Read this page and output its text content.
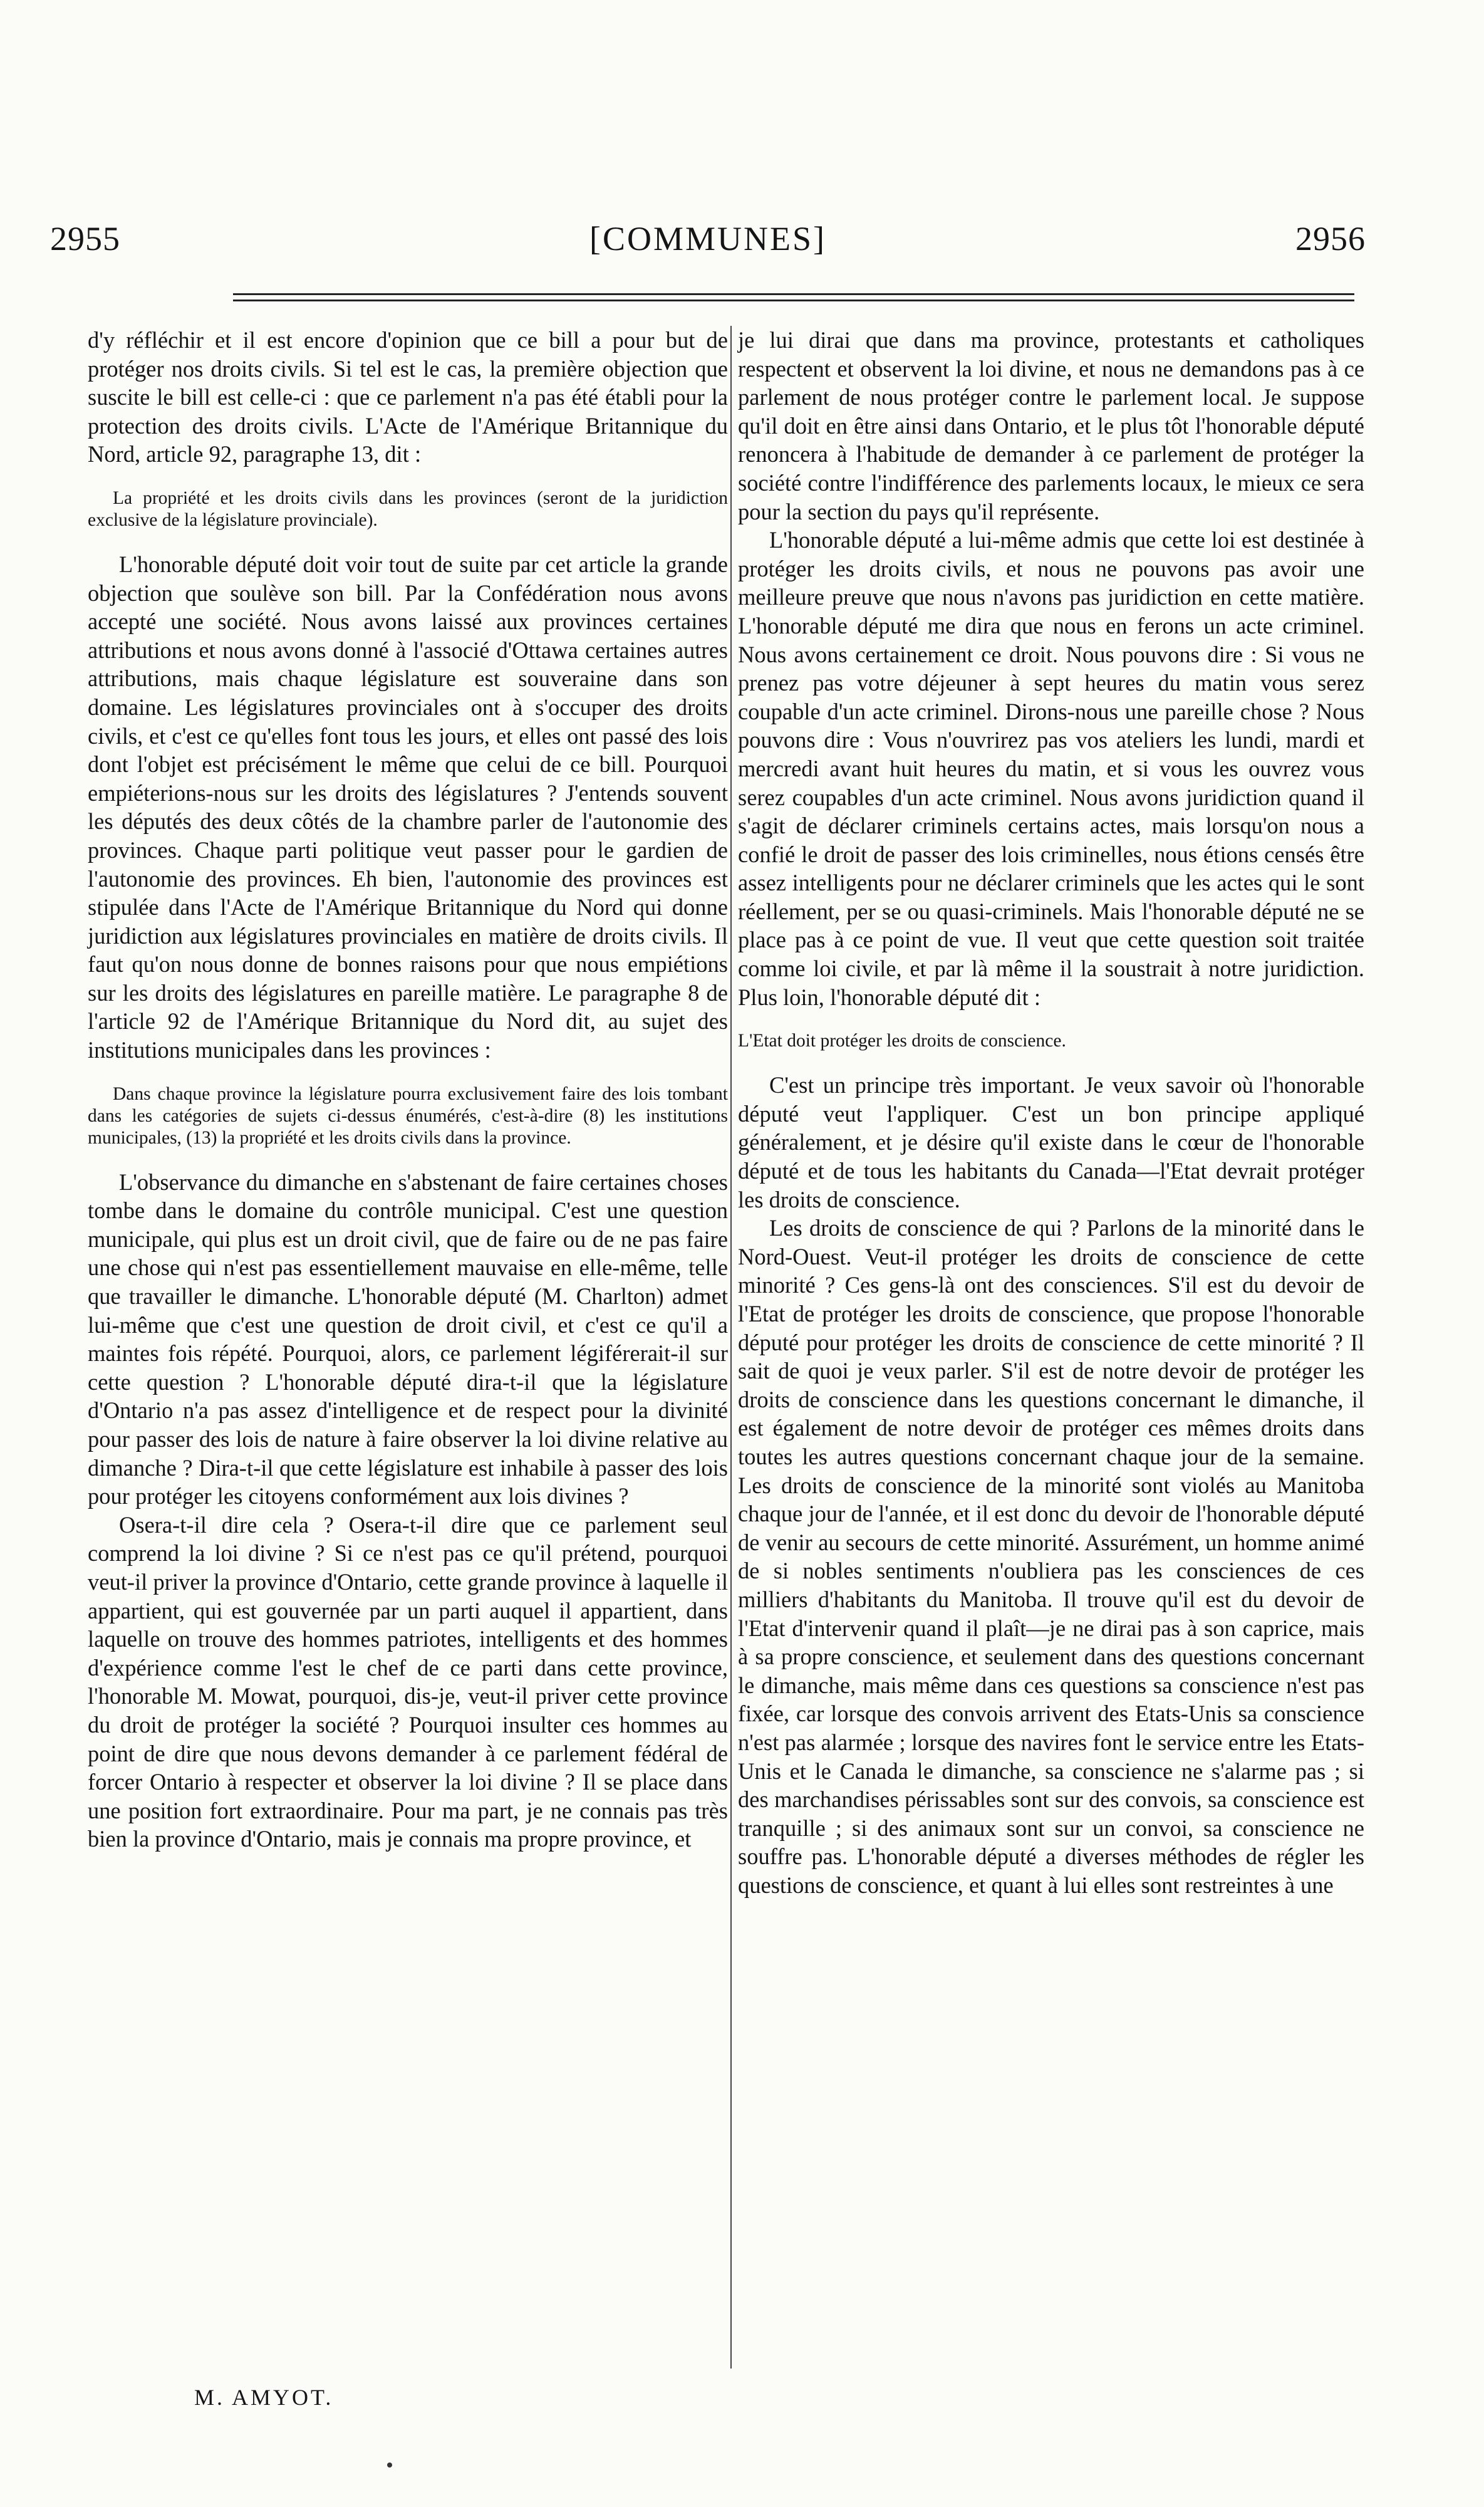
2955	[COMMUNES]	2956

d'y réfléchir et il est encore d'opinion que ce bill a pour but de protéger nos droits civils. Si tel est le cas, la première objection que suscite le bill est celle-ci : que ce parlement n'a pas été établi pour la protection des droits civils. L'Acte de l'Amérique Britannique du Nord, article 92, paragraphe 13, dit :

La propriété et les droits civils dans les provinces (seront de la juridiction exclusive de la législature provinciale).

L'honorable député doit voir tout de suite par cet article la grande objection que soulève son bill. Par la Confédération nous avons accepté une société. Nous avons laissé aux provinces certaines attributions et nous avons donné à l'associé d'Ottawa certaines autres attributions, mais chaque législature est souveraine dans son domaine. Les législatures provinciales ont à s'occuper des droits civils, et c'est ce qu'elles font tous les jours, et elles ont passé des lois dont l'objet est précisément le même que celui de ce bill. Pourquoi empiéterions-nous sur les droits des législatures ? J'entends souvent les députés des deux côtés de la chambre parler de l'autonomie des provinces. Chaque parti politique veut passer pour le gardien de l'autonomie des provinces. Eh bien, l'autonomie des provinces est stipulée dans l'Acte de l'Amérique Britannique du Nord qui donne juridiction aux législatures provinciales en matière de droits civils. Il faut qu'on nous donne de bonnes raisons pour que nous empiétions sur les droits des législatures en pareille matière. Le paragraphe 8 de l'article 92 de l'Amérique Britannique du Nord dit, au sujet des institutions municipales dans les provinces :

Dans chaque province la législature pourra exclusivement faire des lois tombant dans les catégories de sujets ci-dessus énumérés, c'est-à-dire (8) les institutions municipales, (13) la propriété et les droits civils dans la province.

L'observance du dimanche en s'abstenant de faire certaines choses tombe dans le domaine du contrôle municipal. C'est une question municipale, qui plus est un droit civil, que de faire ou de ne pas faire une chose qui n'est pas essentiellement mauvaise en elle-même, telle que travailler le dimanche. L'honorable député (M. Charlton) admet lui-même que c'est une question de droit civil, et c'est ce qu'il a maintes fois répété. Pourquoi, alors, ce parlement légiférerait-il sur cette question ? L'honorable député dira-t-il que la législature d'Ontario n'a pas assez d'intelligence et de respect pour la divinité pour passer des lois de nature à faire observer la loi divine relative au dimanche ? Dira-t-il que cette législature est inhabile à passer des lois pour protéger les citoyens conformément aux lois divines ?

Osera-t-il dire cela ? Osera-t-il dire que ce parlement seul comprend la loi divine ? Si ce n'est pas ce qu'il prétend, pourquoi veut-il priver la province d'Ontario, cette grande province à laquelle il appartient, qui est gouvernée par un parti auquel il appartient, dans laquelle on trouve des hommes patriotes, intelligents et des hommes d'expérience comme l'est le chef de ce parti dans cette province, l'honorable M. Mowat, pourquoi, dis-je, veut-il priver cette province du droit de protéger la société ? Pourquoi insulter ces hommes au point de dire que nous devons demander à ce parlement fédéral de forcer Ontario à respecter et observer la loi divine ? Il se place dans une position fort extraordinaire. Pour ma part, je ne connais pas très bien la province d'Ontario, mais je connais ma propre province, et

je lui dirai que dans ma province, protestants et catholiques respectent et observent la loi divine, et nous ne demandons pas à ce parlement de nous protéger contre le parlement local. Je suppose qu'il doit en être ainsi dans Ontario, et le plus tôt l'honorable député renoncera à l'habitude de demander à ce parlement de protéger la société contre l'indifférence des parlements locaux, le mieux ce sera pour la section du pays qu'il représente.

L'honorable député a lui-même admis que cette loi est destinée à protéger les droits civils, et nous ne pouvons pas avoir une meilleure preuve que nous n'avons pas juridiction en cette matière. L'honorable député me dira que nous en ferons un acte criminel. Nous avons certainement ce droit. Nous pouvons dire : Si vous ne prenez pas votre déjeuner à sept heures du matin vous serez coupable d'un acte criminel. Dirons-nous une pareille chose ? Nous pouvons dire : Vous n'ouvrirez pas vos ateliers les lundi, mardi et mercredi avant huit heures du matin, et si vous les ouvrez vous serez coupables d'un acte criminel. Nous avons juridiction quand il s'agit de déclarer criminels certains actes, mais lorsqu'on nous a confié le droit de passer des lois criminelles, nous étions censés être assez intelligents pour ne déclarer criminels que les actes qui le sont réellement, per se ou quasi-criminels. Mais l'honorable député ne se place pas à ce point de vue. Il veut que cette question soit traitée comme loi civile, et par là même il la soustrait à notre juridiction. Plus loin, l'honorable député dit :

L'Etat doit protéger les droits de conscience.

C'est un principe très important. Je veux savoir où l'honorable député veut l'appliquer. C'est un bon principe appliqué généralement, et je désire qu'il existe dans le cœur de l'honorable député et de tous les habitants du Canada—l'Etat devrait protéger les droits de conscience.

Les droits de conscience de qui ? Parlons de la minorité dans le Nord-Ouest. Veut-il protéger les droits de conscience de cette minorité ? Ces gens-là ont des consciences. S'il est du devoir de l'Etat de protéger les droits de conscience, que propose l'honorable député pour protéger les droits de conscience de cette minorité ? Il sait de quoi je veux parler. S'il est de notre devoir de protéger les droits de conscience dans les questions concernant le dimanche, il est également de notre devoir de protéger ces mêmes droits dans toutes les autres questions concernant chaque jour de la semaine. Les droits de conscience de la minorité sont violés au Manitoba chaque jour de l'année, et il est donc du devoir de l'honorable député de venir au secours de cette minorité. Assurément, un homme animé de si nobles sentiments n'oubliera pas les consciences de ces milliers d'habitants du Manitoba. Il trouve qu'il est du devoir de l'Etat d'intervenir quand il plaît—je ne dirai pas à son caprice, mais à sa propre conscience, et seulement dans des questions concernant le dimanche, mais même dans ces questions sa conscience n'est pas fixée, car lorsque des convois arrivent des Etats-Unis sa conscience n'est pas alarmée ; lorsque des navires font le service entre les Etats-Unis et le Canada le dimanche, sa conscience ne s'alarme pas ; si des marchandises périssables sont sur des convois, sa conscience est tranquille ; si des animaux sont sur un convoi, sa conscience ne souffre pas. L'honorable député a diverses méthodes de régler les questions de conscience, et quant à lui elles sont restreintes à une

M. AMYOT.
